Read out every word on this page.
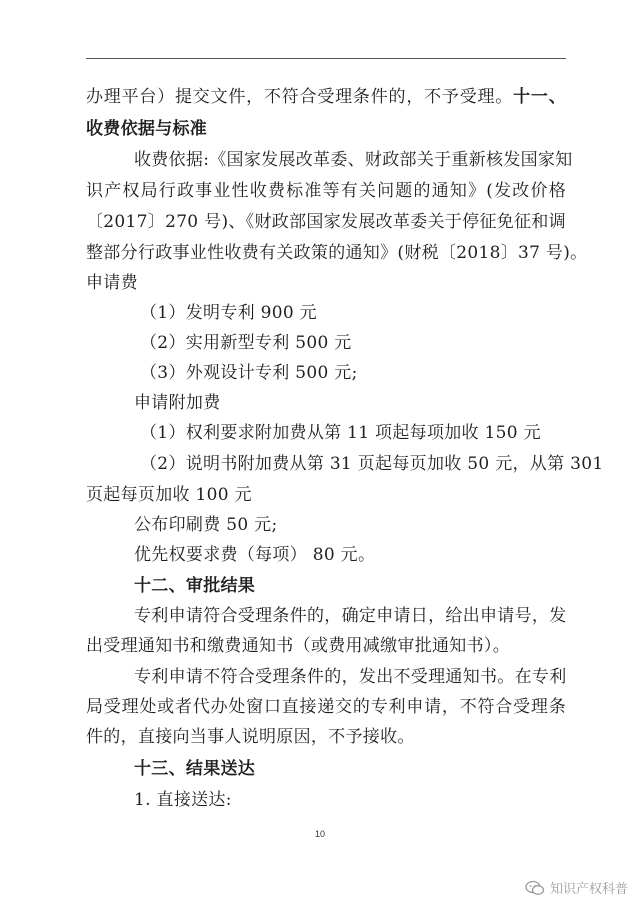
办理平台）提交文件，不符合受理条件的，不予受理。十一、
收费依据与标准
收费依据:《国家发展改革委、财政部关于重新核发国家知
识产权局行政事业性收费标准等有关问题的通知》(发改价格
〔2017〕270 号)、《财政部国家发展改革委关于停征免征和调
整部分行政事业性收费有关政策的通知》(财税〔2018〕37 号)。
申请费
（1）发明专利 900 元
（2）实用新型专利 500 元
（3）外观设计专利 500 元;
申请附加费
（1）权利要求附加费从第 11 项起每项加收 150 元
（2）说明书附加费从第 31 页起每页加收 50 元，从第 301
页起每页加收 100 元
公布印刷费 50 元;
优先权要求费（每项） 80 元。
十二、审批结果
专利申请符合受理条件的，确定申请日，给出申请号，发
出受理通知书和缴费通知书（或费用减缴审批通知书）。
专利申请不符合受理条件的，发出不受理通知书。在专利
局受理处或者代办处窗口直接递交的专利申请，不符合受理条
件的，直接向当事人说明原因，不予接收。
十三、结果送达
1. 直接送达:
10
知识产权科普
